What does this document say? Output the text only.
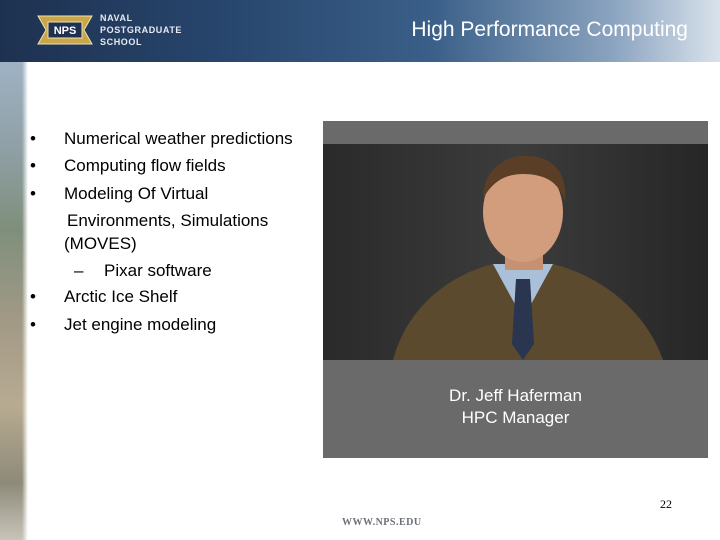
NPS
NAVAL
POSTGRADUATE
SCHOOL
High Performance Computing
•	Numerical weather predictions
•	Computing flow fields
•	Modeling Of Virtual
Environments, Simulations
(MOVES)
– Pixar software
•	Arctic Ice Shelf
•	Jet engine modeling
Dr. Jeff Haferman
HPC Manager
22
WWW.NPS.EDU
